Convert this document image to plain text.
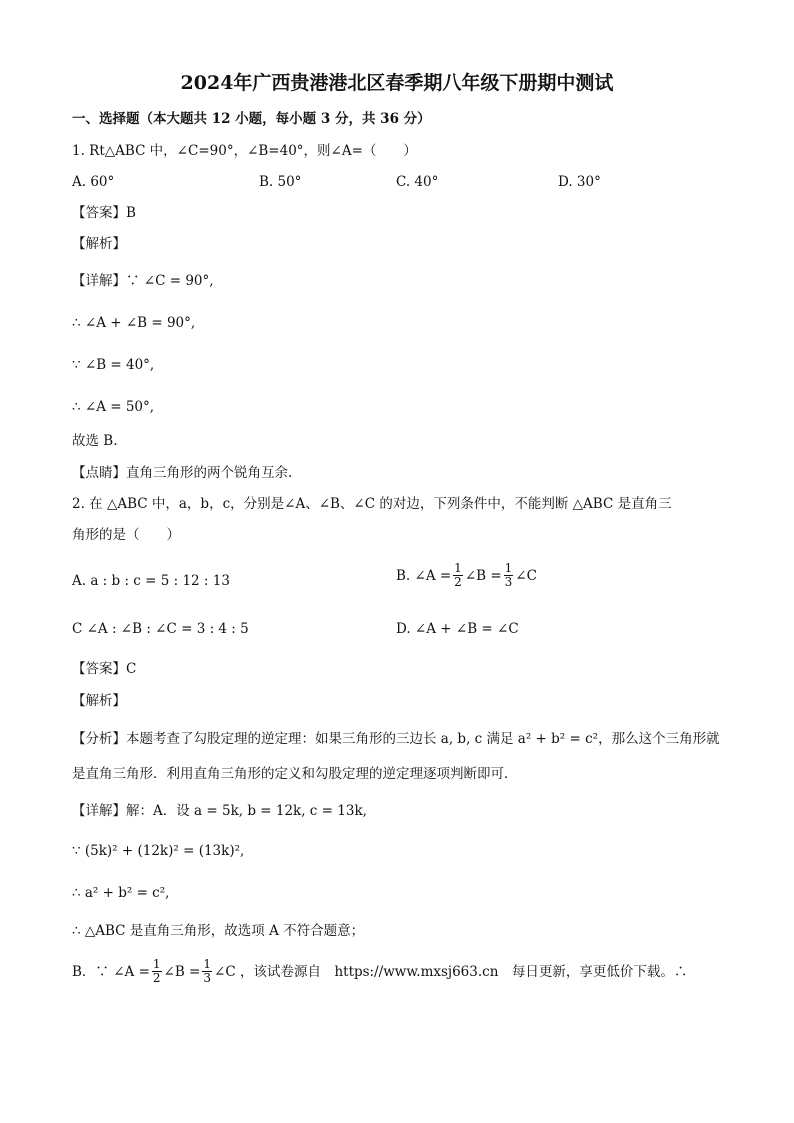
2024年广西贵港港北区春季期八年级下册期中测试
一、选择题（本大题共 12 小题，每小题 3 分，共 36 分）
1. Rt△ABC 中，∠C=90°，∠B=40°，则∠A=（　　）
A. 60°	B. 50°	C. 40°	D. 30°
【答案】B
【解析】
【详解】∵ ∠C = 90°,
∴ ∠A + ∠B = 90°,
∵ ∠B = 40°,
∴ ∠A = 50°,
故选 B.
【点睛】直角三角形的两个锐角互余.
2. 在 △ABC 中，a，b，c，分别是∠A、∠B、∠C 的对边，下列条件中，不能判断 △ABC 是直角三
角形的是（　　）
A. a : b : c = 5 : 12 : 13	B. ∠A = $\frac{1}{2}$ ∠B = $\frac{1}{3}$ ∠C
C ∠A : ∠B : ∠C = 3 : 4 : 5	D. ∠A + ∠B = ∠C
【答案】C
【解析】
【分析】本题考查了勾股定理的逆定理：如果三角形的三边长 a, b, c 满足 a² + b² = c²，那么这个三角形就
是直角三角形．利用直角三角形的定义和勾股定理的逆定理逐项判断即可．
【详解】解：A．设 a = 5k, b = 12k, c = 13k,
∵ (5k)² + (12k)² = (13k)²,
∴ a² + b² = c²,
∴ △ABC 是直角三角形，故选项 A 不符合题意；
B．∵ ∠A = $\frac{1}{2}$ ∠B = $\frac{1}{3}$ ∠C ，该试卷源自　https://www.mxsj663.cn　每日更新，享更低价下载。∴
